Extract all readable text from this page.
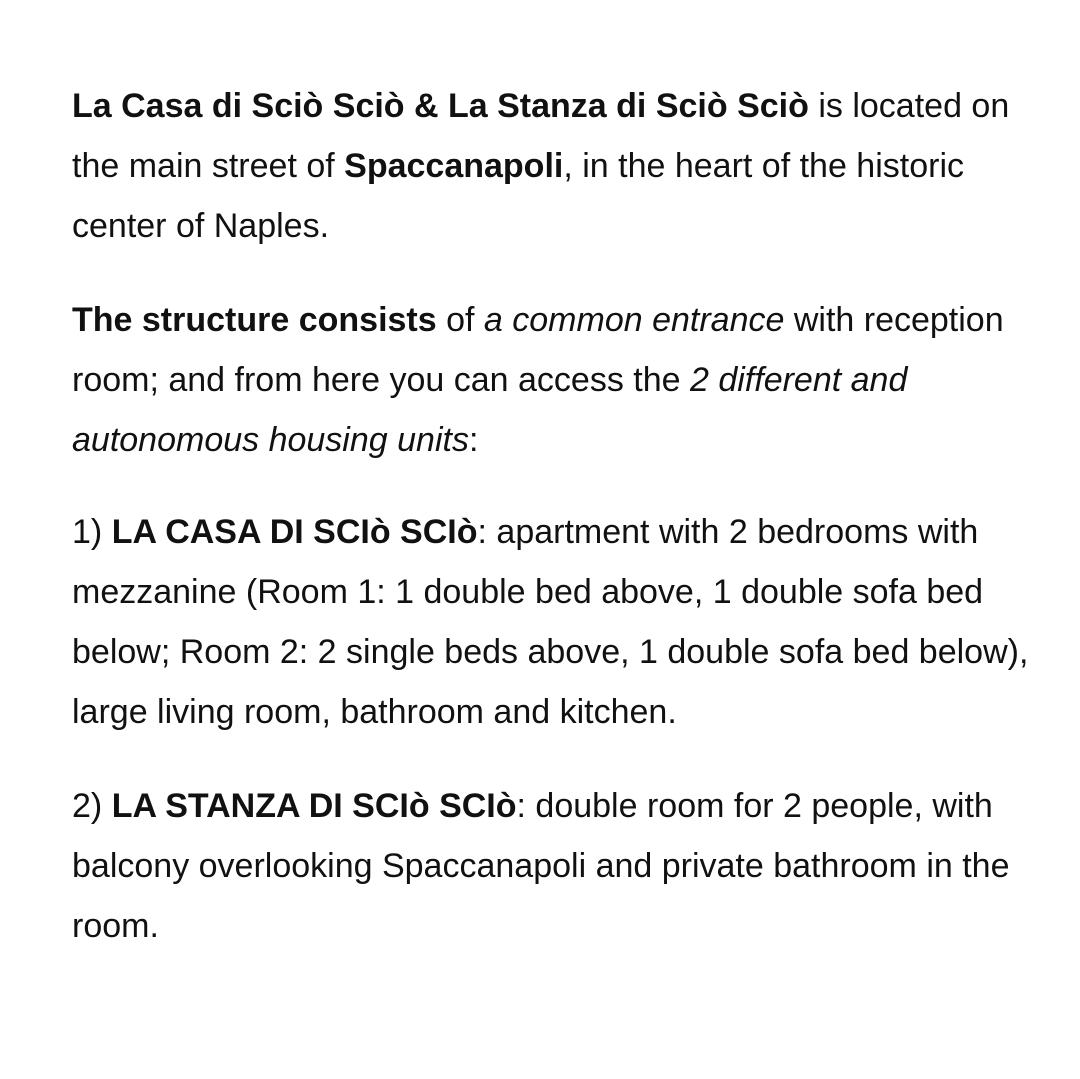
La Casa di Sciò Sciò & La Stanza di Sciò Sciò is located on the main street of Spaccanapoli, in the heart of the historic center of Naples.

The structure consists of a common entrance with reception room; and from here you can access the 2 different and autonomous housing units:

1) LA CASA DI SCIò SCIò: apartment with 2 bedrooms with mezzanine (Room 1: 1 double bed above, 1 double sofa bed below; Room 2: 2 single beds above, 1 double sofa bed below), large living room, bathroom and kitchen.

2) LA STANZA DI SCIò SCIò: double room for 2 people, with balcony overlooking Spaccanapoli and private bathroom in the room.
